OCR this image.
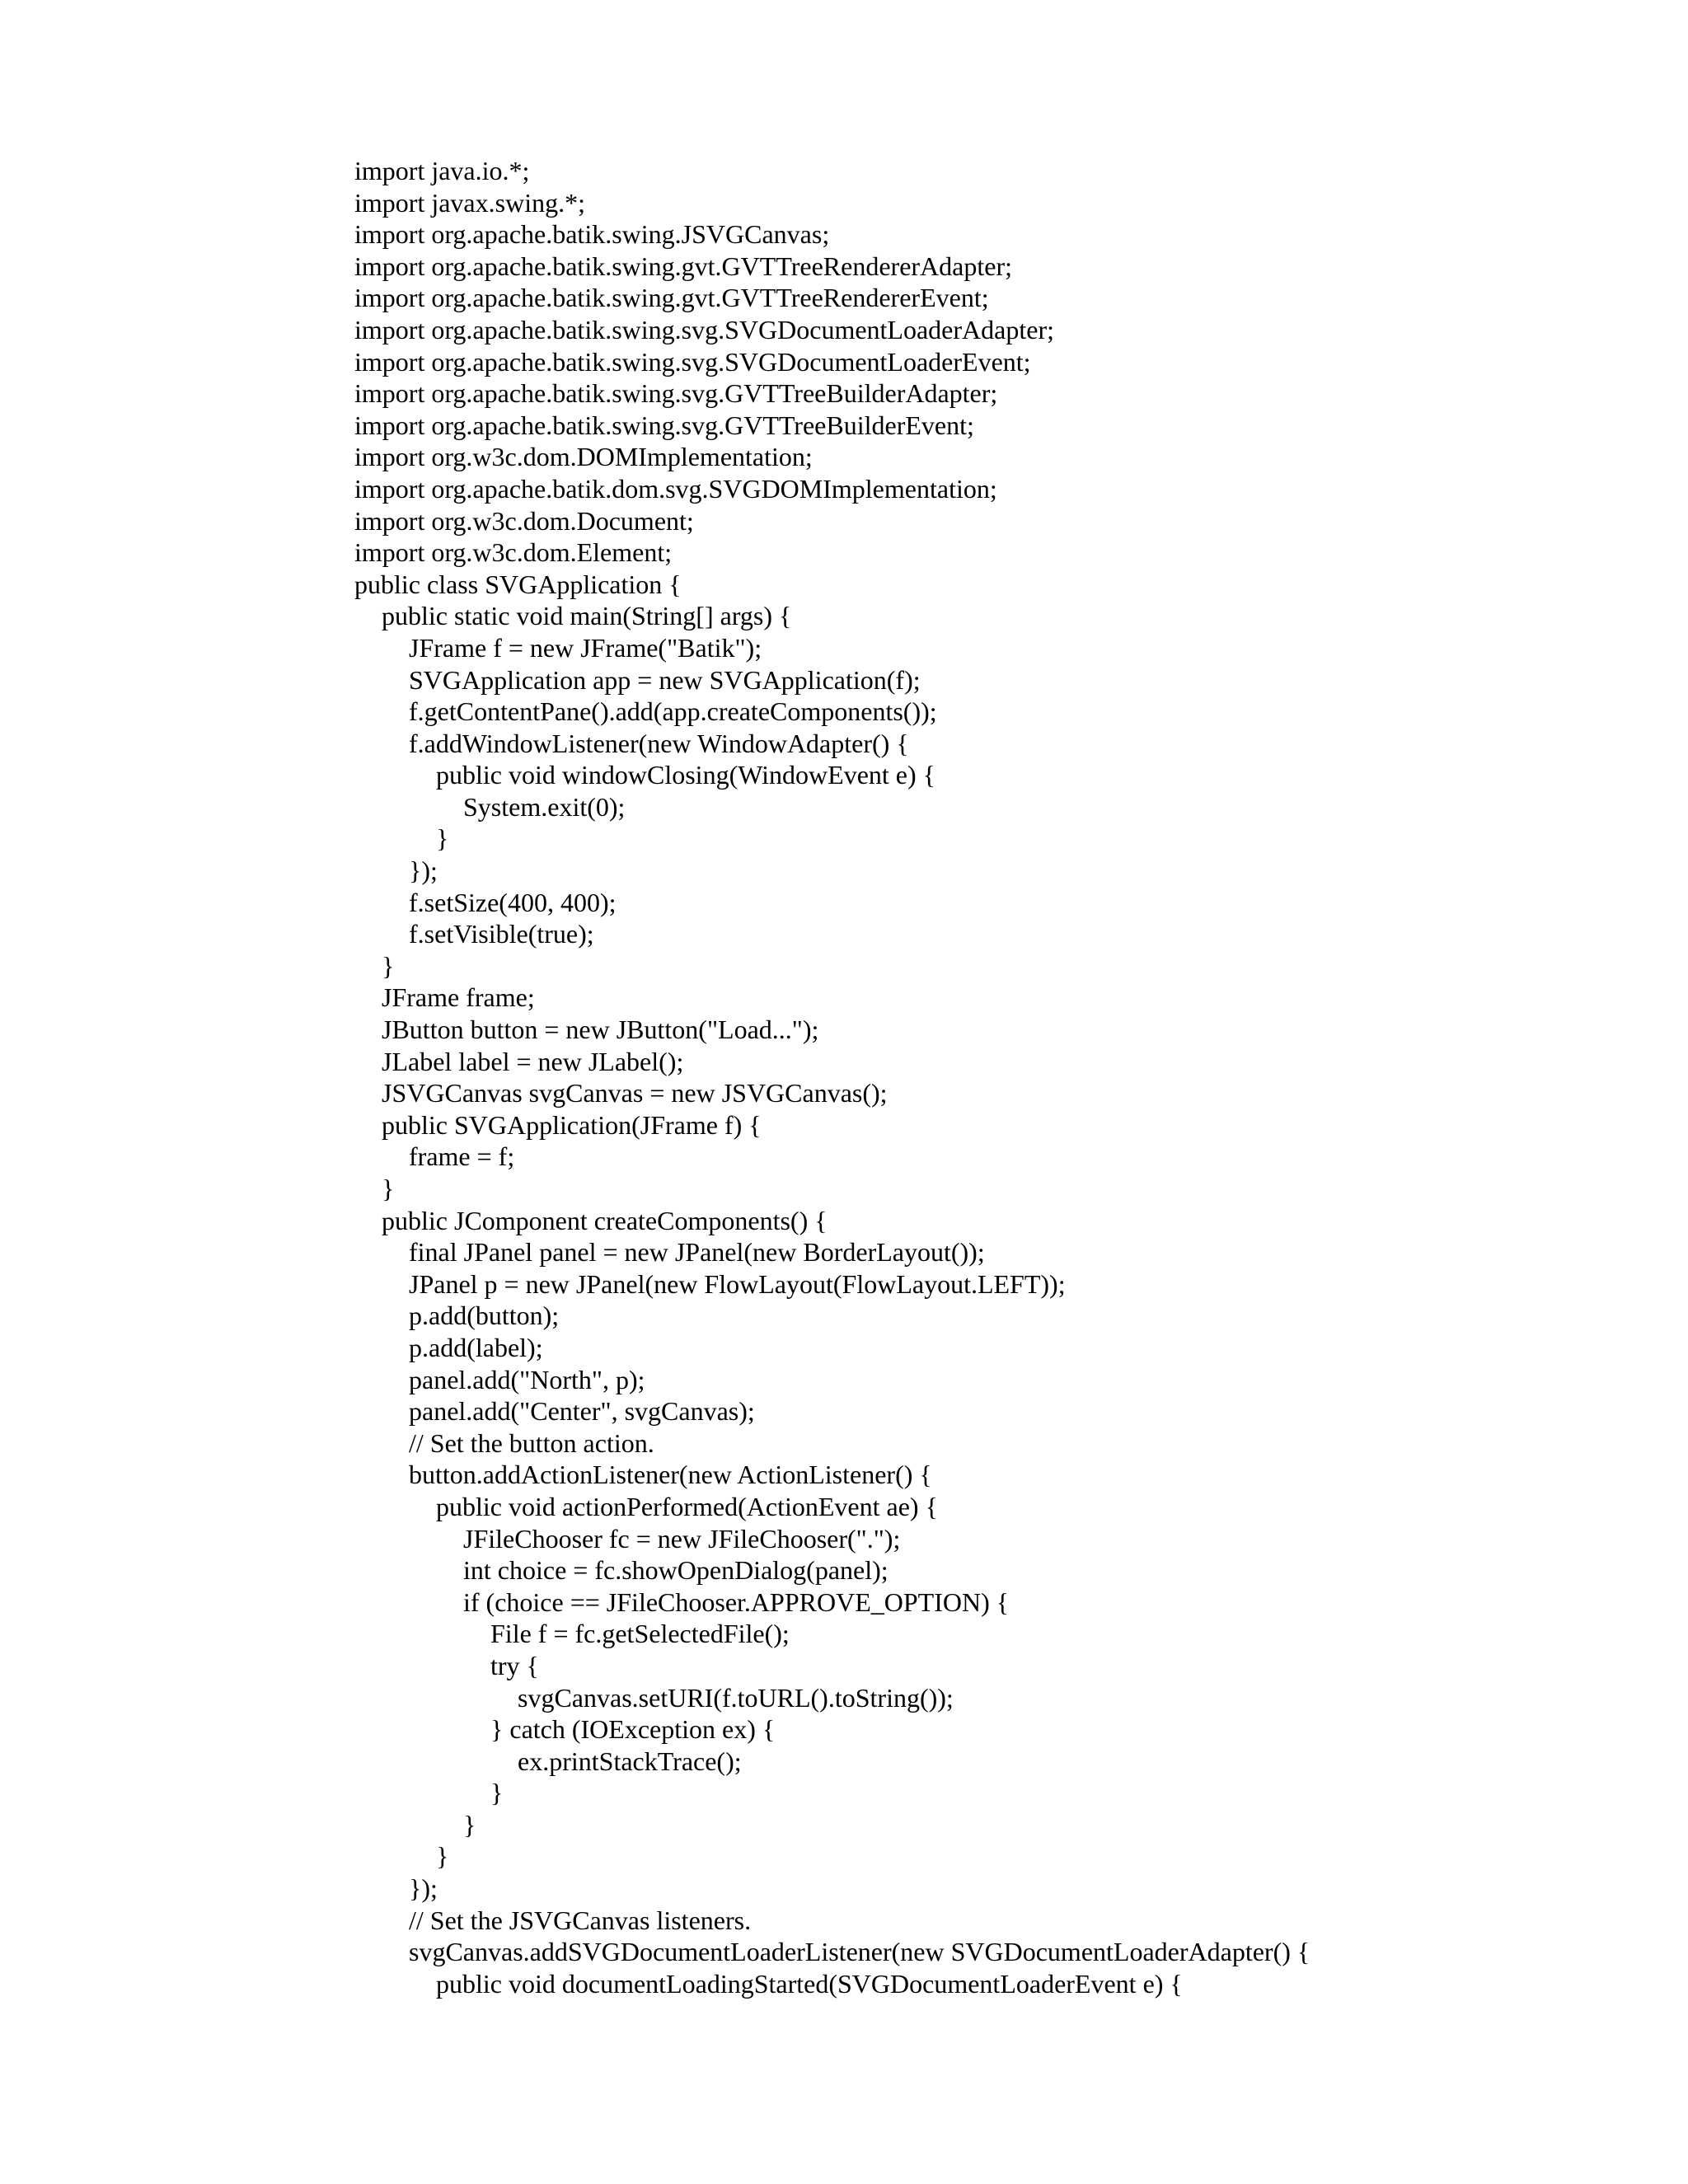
import java.io.*;
import javax.swing.*;
import org.apache.batik.swing.JSVGCanvas;
import org.apache.batik.swing.gvt.GVTTreeRendererAdapter;
import org.apache.batik.swing.gvt.GVTTreeRendererEvent;
import org.apache.batik.swing.svg.SVGDocumentLoaderAdapter;
import org.apache.batik.swing.svg.SVGDocumentLoaderEvent;
import org.apache.batik.swing.svg.GVTTreeBuilderAdapter;
import org.apache.batik.swing.svg.GVTTreeBuilderEvent;
import org.w3c.dom.DOMImplementation;
import org.apache.batik.dom.svg.SVGDOMImplementation;
import org.w3c.dom.Document;
import org.w3c.dom.Element;
public class SVGApplication {
public static void main(String[] args) {
JFrame f = new JFrame("Batik");
SVGApplication app = new SVGApplication(f);
f.getContentPane().add(app.createComponents());
f.addWindowListener(new WindowAdapter() {
public void windowClosing(WindowEvent e) {
System.exit(0);
}
});
f.setSize(400, 400);
f.setVisible(true);
}
JFrame frame;
JButton button = new JButton("Load...");
JLabel label = new JLabel();
JSVGCanvas svgCanvas = new JSVGCanvas();
public SVGApplication(JFrame f) {
frame = f;
}
public JComponent createComponents() {
final JPanel panel = new JPanel(new BorderLayout());
JPanel p = new JPanel(new FlowLayout(FlowLayout.LEFT));
p.add(button);
p.add(label);
panel.add("North", p);
panel.add("Center", svgCanvas);
// Set the button action.
button.addActionListener(new ActionListener() {
public void actionPerformed(ActionEvent ae) {
JFileChooser fc = new JFileChooser(".");
int choice = fc.showOpenDialog(panel);
if (choice == JFileChooser.APPROVE_OPTION) {
File f = fc.getSelectedFile();
try {
svgCanvas.setURI(f.toURL().toString());
} catch (IOException ex) {
ex.printStackTrace();
}
}
}
});
// Set the JSVGCanvas listeners.
svgCanvas.addSVGDocumentLoaderListener(new SVGDocumentLoaderAdapter() {
public void documentLoadingStarted(SVGDocumentLoaderEvent e) {
